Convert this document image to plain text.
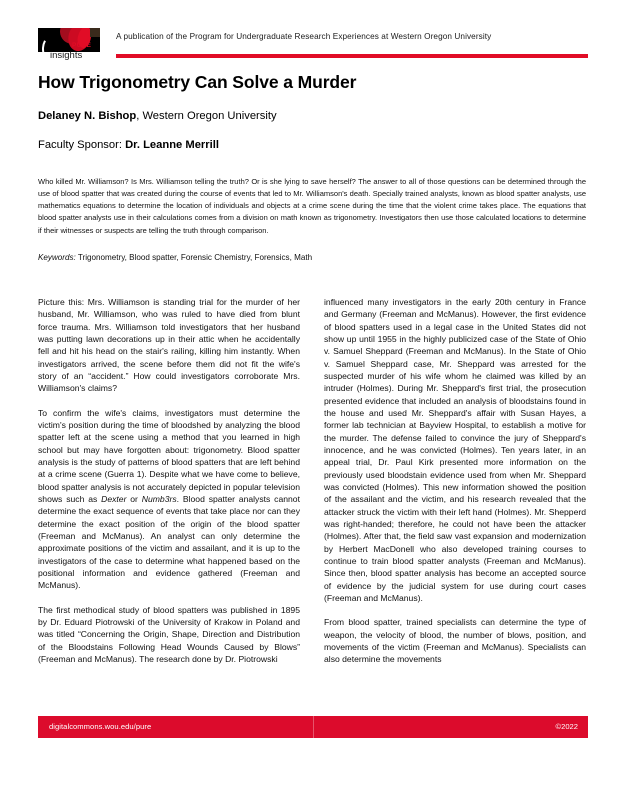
PURE
insights
A publication of the Program for Undergraduate Research Experiences at Western Oregon University
How Trigonometry Can Solve a Murder
Delaney N. Bishop, Western Oregon University
Faculty Sponsor: Dr. Leanne Merrill
Who killed Mr. Williamson? Is Mrs. Williamson telling the truth? Or is she lying to save herself? The answer to all of those questions can be determined through the use of blood spatter that was created during the course of events that led to Mr. Williamson's death. Specially trained analysts, known as blood spatter analysts, use mathematics equations to determine the location of individuals and objects at a crime scene during the time that the violent crime takes place. The equations that blood spatter analysts use in their calculations comes from a division on math known as trigonometry. Investigators then use those calculated locations to determine if their witnesses or suspects are telling the truth through comparison.
Keywords: Trigonometry, Blood spatter, Forensic Chemistry, Forensics, Math

Picture this: Mrs. Williamson is standing trial for the murder of her husband, Mr. Williamson, who was ruled to have died from blunt force trauma. Mrs. Williamson told investigators that her husband was putting lawn decorations up in their attic when he accidentally fell and hit his head on the stair's railing, killing him instantly. When investigators arrived, the scene before them did not fit the wife's story of an “accident.” How could investigators corroborate Mrs. Williamson's claims?

To confirm the wife's claims, investigators must determine the victim's position during the time of bloodshed by analyzing the blood spatter left at the scene using a method that you learned in high school but may have forgotten about: trigonometry. Blood spatter analysis is the study of patterns of blood spatters that are left behind at a crime scene (Guerra 1). Despite what we have come to believe, blood spatter analysis is not accurately depicted in popular television shows such as Dexter or Numb3rs. Blood spatter analysts cannot determine the exact sequence of events that take place nor can they determine the exact position of the origin of the blood spatter (Freeman and McManus). An analyst can only determine the approximate positions of the victim and assailant, and it is up to the investigators of the case to determine what happened based on the positional information and evidence gathered (Freeman and McManus).

The first methodical study of blood spatters was published in 1895 by Dr. Eduard Piotrowski of the University of Krakow in Poland and was titled “Concerning the Origin, Shape, Direction and Distribution of the Bloodstains Following Head Wounds Caused by Blows” (Freeman and McManus). The research done by Dr. Piotrowski

influenced many investigators in the early 20th century in France and Germany (Freeman and McManus). However, the first evidence of blood spatters used in a legal case in the United States did not show up until 1955 in the highly publicized case of the State of Ohio v. Samuel Sheppard (Freeman and McManus). In the State of Ohio v. Samuel Sheppard case, Mr. Sheppard was arrested for the suspected murder of his wife whom he claimed was killed by an intruder (Holmes). During Mr. Sheppard's first trial, the prosecution presented evidence that included an analysis of bloodstains found in the house and used Mr. Sheppard's affair with Susan Hayes, a former lab technician at Bayview Hospital, to establish a motive for the murder. The defense failed to convince the jury of Sheppard's innocence, and he was convicted (Holmes). Ten years later, in an appeal trial, Dr. Paul Kirk presented more information on the previously used bloodstain evidence used from when Mr. Sheppard was convicted (Holmes). This new information showed the position of the assailant and the victim, and his research revealed that the attacker struck the victim with their left hand (Holmes). Mr. Shepperd was right-handed; therefore, he could not have been the attacker (Holmes). After that, the field saw vast expansion and modernization by Herbert MacDonell who also developed training courses to continue to train blood spatter analysts (Freeman and McManus). Since then, blood spatter analysis has become an accepted source of evidence by the judicial system for use during court cases (Freeman and McManus).

From blood spatter, trained specialists can determine the type of weapon, the velocity of blood, the number of blows, position, and movements of the victim (Freeman and McManus). Specialists can also determine the movements

digitalcommons.wou.edu/pure	©2022
